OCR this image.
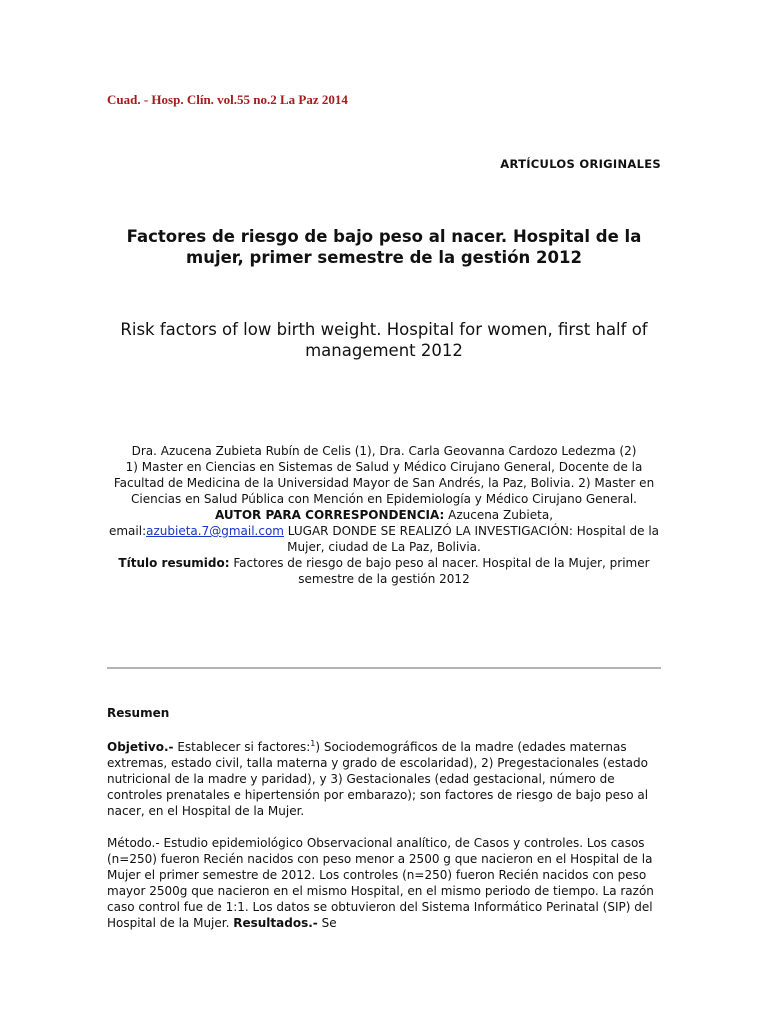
Cuad. - Hosp. Clín. vol.55 no.2 La Paz 2014
ARTÍCULOS ORIGINALES
Factores de riesgo de bajo peso al nacer. Hospital de la mujer, primer semestre de la gestión 2012
Risk factors of low birth weight. Hospital for women, first half of management 2012
Dra. Azucena Zubieta Rubín de Celis (1), Dra. Carla Geovanna Cardozo Ledezma (2)
1) Master en Ciencias en Sistemas de Salud y Médico Cirujano General, Docente de la Facultad de Medicina de la Universidad Mayor de San Andrés, la Paz, Bolivia. 2) Master en Ciencias en Salud Pública con Mención en Epidemiología y Médico Cirujano General.
AUTOR PARA CORRESPONDENCIA: Azucena Zubieta,
email:azubieta.7@gmail.com LUGAR DONDE SE REALIZÓ LA INVESTIGACIÓN: Hospital de la Mujer, ciudad de La Paz, Bolivia.
Título resumido: Factores de riesgo de bajo peso al nacer. Hospital de la Mujer, primer semestre de la gestión 2012
Resumen
Objetivo.- Establecer si factores:$^1$) Sociodemográficos de la madre (edades maternas extremas, estado civil, talla materna y grado de escolaridad), 2) Pregestacionales (estado nutricional de la madre y paridad), y 3) Gestacionales (edad gestacional, número de controles prenatales e hipertensión por embarazo); son factores de riesgo de bajo peso al nacer, en el Hospital de la Mujer.
Método.- Estudio epidemiológico Observacional analítico, de Casos y controles. Los casos (n=250) fueron Recién nacidos con peso menor a 2500 g que nacieron en el Hospital de la Mujer el primer semestre de 2012. Los controles (n=250) fueron Recién nacidos con peso mayor 2500g que nacieron en el mismo Hospital, en el mismo periodo de tiempo. La razón caso control fue de 1:1. Los datos se obtuvieron del Sistema Informático Perinatal (SIP) del Hospital de la Mujer. Resultados.- Se
